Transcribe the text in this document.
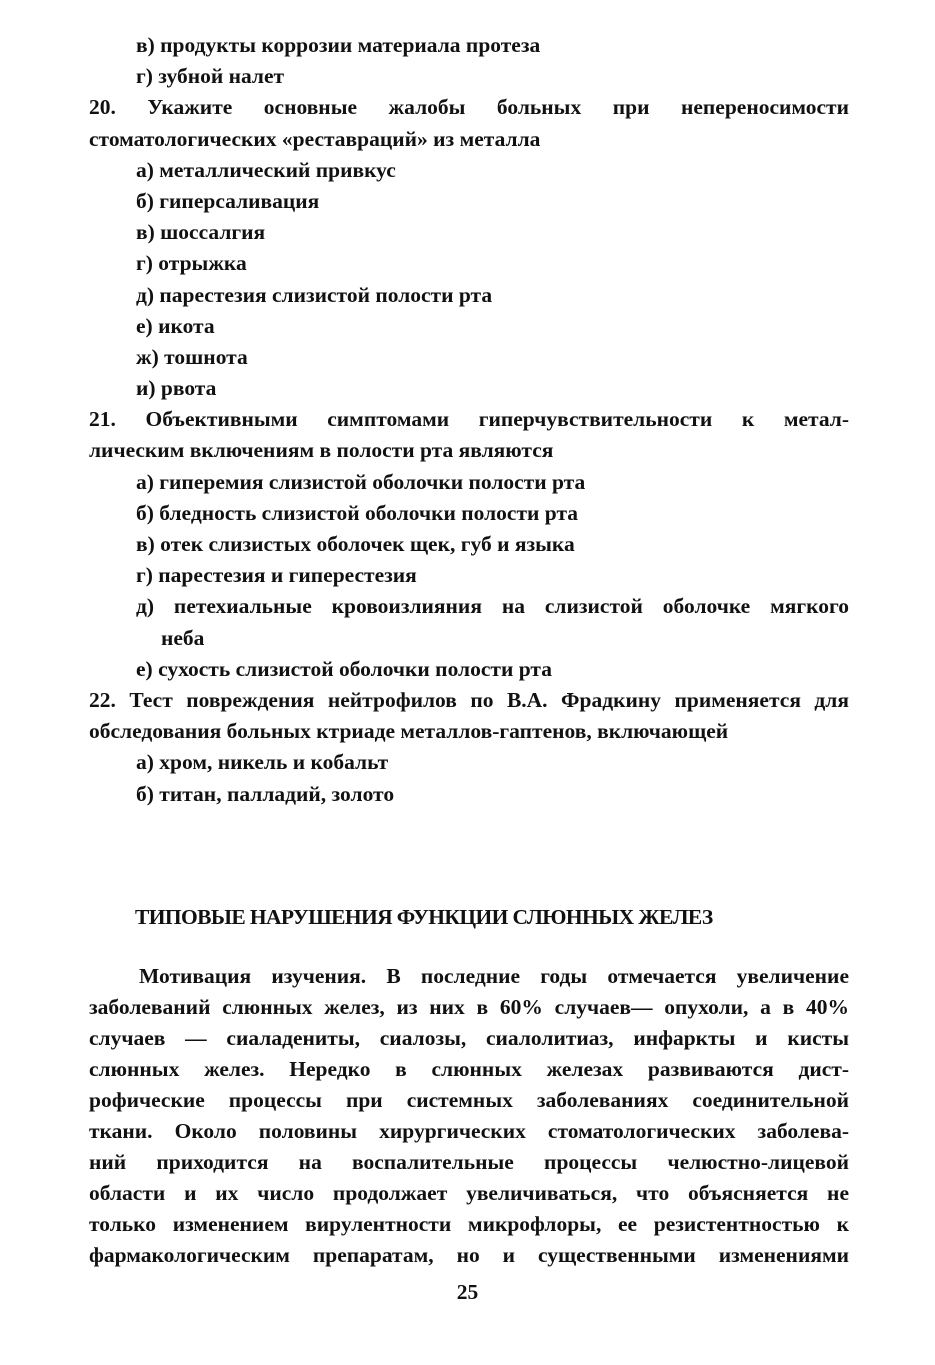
в) продукты коррозии материала протеза
г) зубной налет
20. Укажите основные жалобы больных при непереносимости
стоматологических «реставраций» из металла
а) металлический привкус
б) гиперсаливация
в) шоссалгия
г) отрыжка
д) парестезия слизистой полости рта
е) икота
ж) тошнота
и) рвота
21. Объективными симптомами гиперчувствительности к метал-
лическим включениям в полости рта являются
а) гиперемия слизистой оболочки полости рта
б) бледность слизистой оболочки полости рта
в) отек слизистых оболочек щек, губ и языка
г) парестезия и гиперестезия
д) петехиальные кровоизлияния на слизистой оболочке мягкого
неба
е) сухость слизистой оболочки полости рта
22. Тест повреждения нейтрофилов по В.А. Фрадкину применяется для
обследования больных ктриаде металлов-гаптенов, включающей
а) хром, никель и кобальт
б) титан, палладий, золото
ТИПОВЫЕ НАРУШЕНИЯ ФУНКЦИИ СЛЮННЫХ ЖЕЛЕЗ
Мотивация изучения. В последние годы отмечается увеличение
заболеваний слюнных желез, из них в 60% случаев— опухоли, а в 40%
случаев — сиаладениты, сиалозы, сиалолитиаз, инфаркты и кисты
слюнных желез. Нередко в слюнных железах развиваются дист-
рофические процессы при системных заболеваниях соединительной
ткани. Около половины хирургических стоматологических заболева-
ний приходится на воспалительные процессы челюстно-лицевой
области и их число продолжает увеличиваться, что объясняется не
только изменением вирулентности микрофлоры, ее резистентностью к
фармакологическим препаратам, но и существенными изменениями
25
